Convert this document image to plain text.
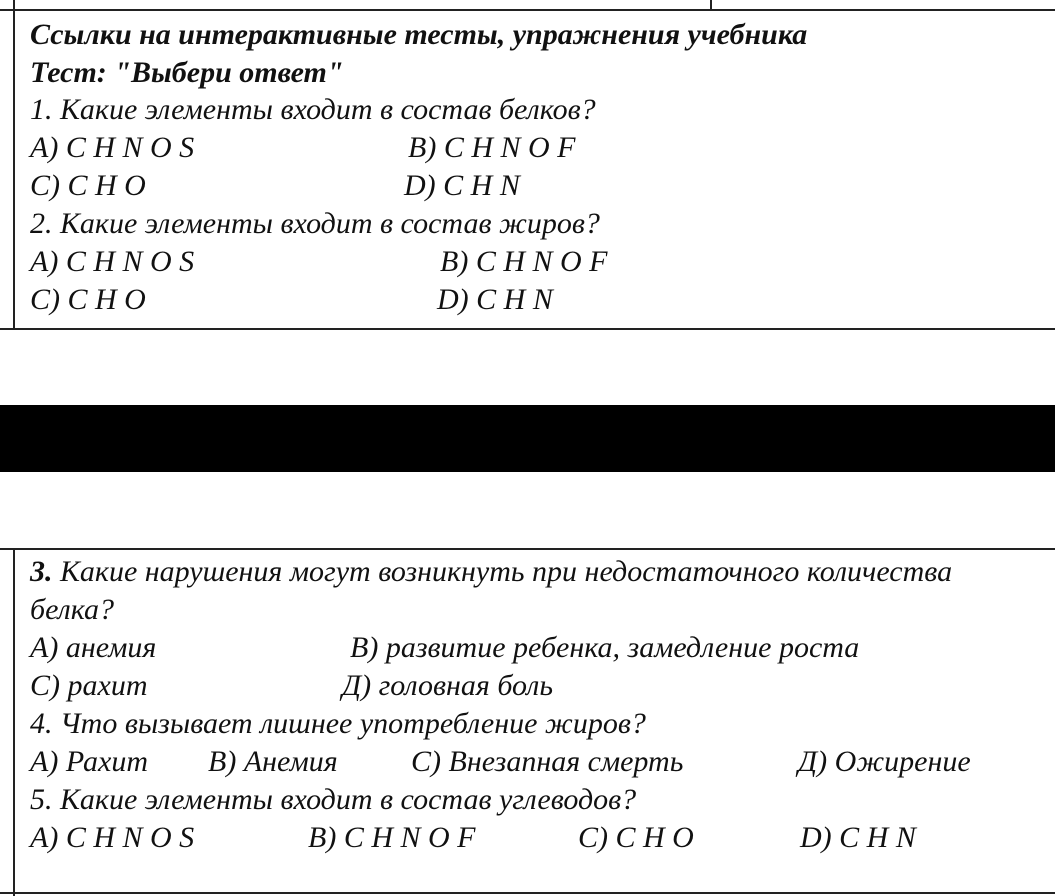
Ссылки на интерактивные тесты, упражнения учебника
Тест: "Выбери ответ"
1. Какие элементы входит в состав белков?
А) C H N O S	В) C H N O F
С) C H O	D) C H N
2. Какие элементы входит в состав жиров?
А) C H N O S	В) C H N O F
С) C H O	D) C H N
3. Какие нарушения могут возникнуть при недостаточного количества
белка?
А) анемия	В) развитие ребенка, замедление роста
С) рахит	Д) головная боль
4. Что вызывает лишнее употребление жиров?
А) Рахит В) Анемия С) Внезапная смерть	Д) Ожирение
5. Какие элементы входит в состав углеводов?
А) C H N O S	В) C H N O F	С) C H O	D) C H N
